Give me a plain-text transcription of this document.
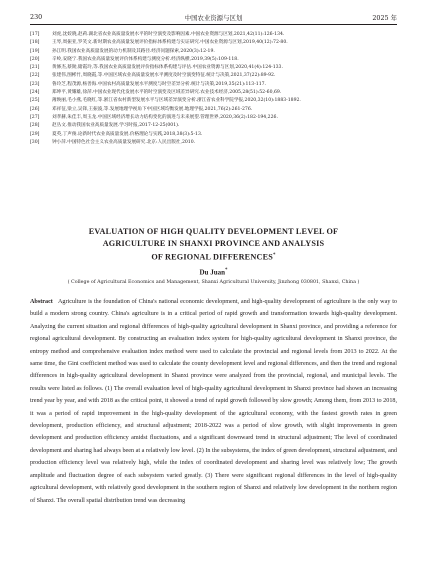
230	中国农业资源与区划	2025 年
[17]	刘虎,沈姣晓,赵莉.湖北省农业高质量发展水平的时空演变及影响因素.中国农业资源与区划,2021,42(11):126-134.
[18]	王琴,周振亚,罗笑文.新时期农业高质量发展评价指标体系构建与实证研究.中国农业资源与区划,2019,40(12):72-80.
[19]	孙江明.我国农业高质量发展的动力机制及其路径.经济问题探索,2020(3):12-19.
[20]	辛岭,安晓宁.我国农业高质量发展评价体系构建与测度分析.经济纵横,2019,39(5):109-118.
[21]	黄修杰,蔡勋,储霞玲,等.我国农业高质量发展评价指标体系构建与评估.中国农业资源与区划,2020,41(4):124-133.
[22]	张建伟,图彬竹,周晓霞,等.中国区域农业高质量发展水平测度及时空演变特征.统计与决策,2021,37(22):89-92.
[23]	鲁玲芝,程茂源,杨善海.中国农村高质量发展水平测度与时空差异分析.统计与决策,2019,35(21):113-117.
[24]	郑坤平,黄耀雄,徐萍.中国农业现代化发展水平的时空演变及区域差异研究.农业技术经济,2005,28(51):52-60,69.
[25]	薄焕丽,毛小燕,毛晓红,等.浙江省农村新型发展水平与区域差异演变分析.浙江省农业科学院学报,2020,32(10):1883-1892.
[26]	邓祥征,梁立,吴锋,王振波,等.发展地理学视角下中国区域均衡发展.地理学报,2021,76(2):261-276.
[27]	刘孝赫,朱佳丰,周玉龙.中国区域经济增长动力结构变化的演进与未来展望.管理世界,2020,36(2):182-194,226.
[28]	赵丛文.推动我国农业高质量发展.学习时报,2017-12-25(001).
[29]	夏英,丁声俊.论新时代农业高质量发展.价格理论与实践,2018,38(3):5-13.
[30]	钟小萍.中国特色社会主义农业高质量发展研究.北京:人民出版社,2010.
EVALUATION OF HIGH QUALITY DEVELOPMENT LEVEL OF
AGRICULTURE IN SHANXI PROVINCE AND ANALYSIS
OF REGIONAL DIFFERENCES*
Du Juan*
( College of Agricultural Economics and Management, Shanxi Agricultural University, Jinzhong 030801, Shanxi, China )
Abstract Agriculture is the foundation of China's national economic development, and high-quality development of agriculture is the only way to build a modern strong country. China's agriculture is in a critical period of rapid growth and transformation towards high-quality development. Analyzing the current situation and regional differences of high-quality agricultural development in Shanxi province, and providing a reference for regional agricultural development. By constructing an evaluation index system for high-quality agricultural development in Shanxi province, the entropy method and comprehensive evaluation index method were used to calculate the provincial and regional levels from 2013 to 2022. At the same time, the Gini coefficient method was used to calculate the county development level and regional differences, and then the trend and regional differences in high-quality agricultural development in Shanxi province were analyzed from the provincial, regional, and municipal levels. The results were listed as follows. (1) The overall evaluation level of high-quality agricultural development in Shanxi province had shown an increasing trend year by year, and with 2018 as the critical point, it showed a trend of rapid growth followed by slow growth; Among them, from 2013 to 2018, it was a period of rapid improvement in the high-quality development of the agricultural economy, with the fastest growth rates in green development, production efficiency, and structural adjustment; 2018-2022 was a period of slow growth, with slight improvements in green development and production efficiency amidst fluctuations, and a significant downward trend in structural adjustment; The level of coordinated development and sharing had always been at a relatively low level. (2) In the subsystems, the index of green development, structural adjustment, and production efficiency level was relatively high, while the index of coordinated development and sharing level was relatively low; The growth amplitude and fluctuation degree of each subsystem varied greatly. (3) There were significant regional differences in the level of high-quality agricultural development, with relatively good development in the southern region of Shanxi and relatively low development in the northern region of Shanxi. The overall spatial distribution trend was decreasing
